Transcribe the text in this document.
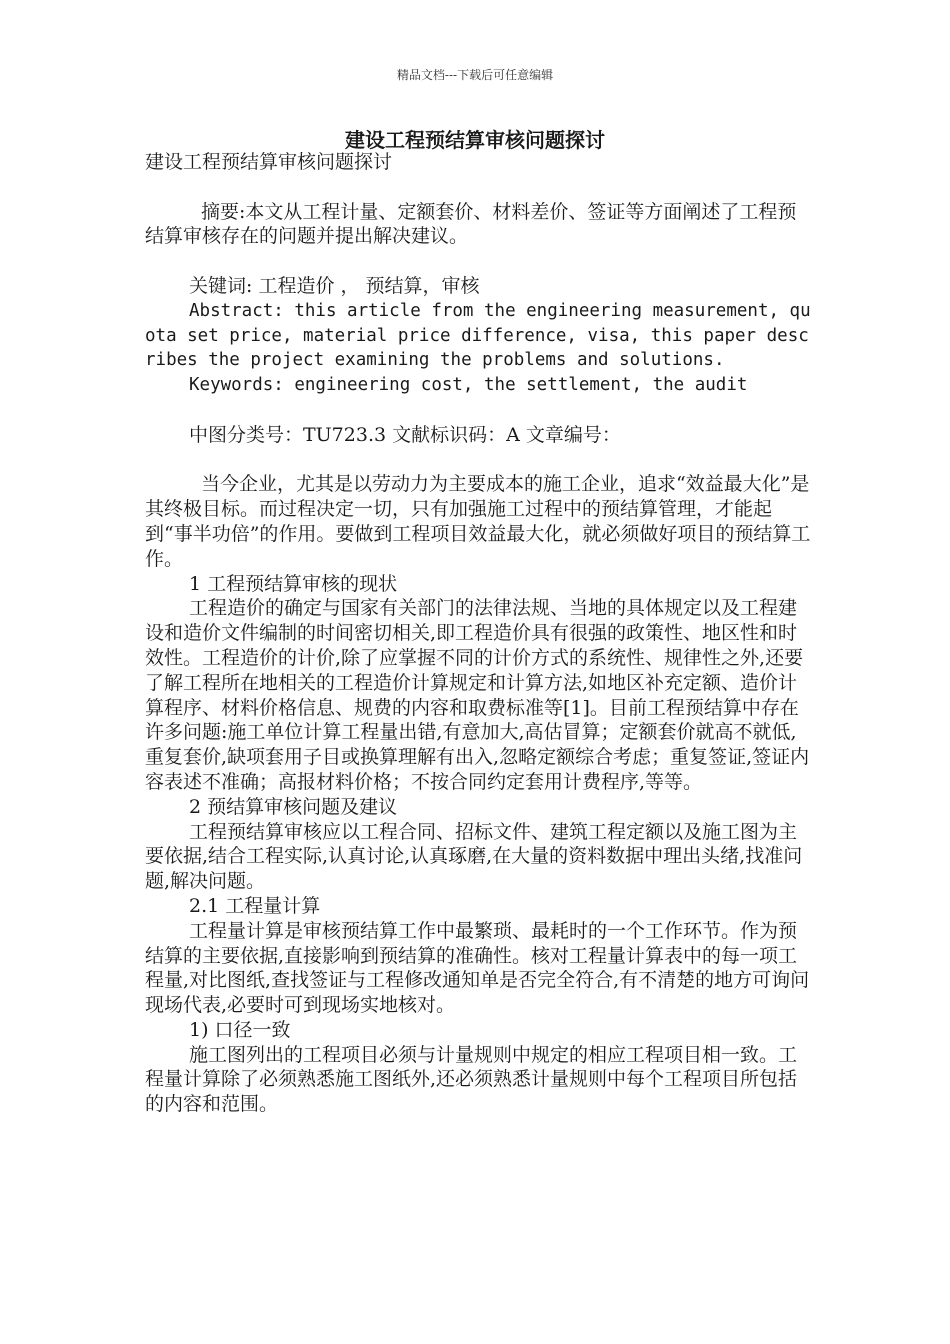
精品文档---下载后可任意编辑
建设工程预结算审核问题探讨

建设工程预结算审核问题探讨

摘要:本文从工程计量、定额套价、材料差价、签证等方面阐述了工程预结算审核存在的问题并提出解决建议。

关键词: 工程造价 ， 预结算，审核

Abstract: this article from the engineering measurement, quota set price, material price difference, visa, this paper describes the project examining the problems and solutions.

Keywords: engineering cost, the settlement, the audit

中图分类号：TU723.3 文献标识码：A 文章编号：

当今企业，尤其是以劳动力为主要成本的施工企业，追求“效益最大化”是其终极目标。而过程决定一切，只有加强施工过程中的预结算管理，才能起到“事半功倍”的作用。要做到工程项目效益最大化，就必须做好项目的预结算工作。

1 工程预结算审核的现状

工程造价的确定与国家有关部门的法律法规、当地的具体规定以及工程建设和造价文件编制的时间密切相关,即工程造价具有很强的政策性、地区性和时效性。工程造价的计价,除了应掌握不同的计价方式的系统性、规律性之外,还要了解工程所在地相关的工程造价计算规定和计算方法,如地区补充定额、造价计算程序、材料价格信息、规费的内容和取费标准等[1]。目前工程预结算中存在许多问题:施工单位计算工程量出错,有意加大,高估冒算；定额套价就高不就低,重复套价,缺项套用子目或换算理解有出入,忽略定额综合考虑；重复签证,签证内容表述不准确；高报材料价格；不按合同约定套用计费程序,等等。

2 预结算审核问题及建议

工程预结算审核应以工程合同、招标文件、建筑工程定额以及施工图为主要依据,结合工程实际,认真讨论,认真琢磨,在大量的资料数据中理出头绪,找准问题,解决问题。

2.1 工程量计算

工程量计算是审核预结算工作中最繁琐、最耗时的一个工作环节。作为预结算的主要依据,直接影响到预结算的准确性。核对工程量计算表中的每一项工程量,对比图纸,查找签证与工程修改通知单是否完全符合,有不清楚的地方可询问现场代表,必要时可到现场实地核对。

1) 口径一致

施工图列出的工程项目必须与计量规则中规定的相应工程项目相一致。工程量计算除了必须熟悉施工图纸外,还必须熟悉计量规则中每个工程项目所包括的内容和范围。
